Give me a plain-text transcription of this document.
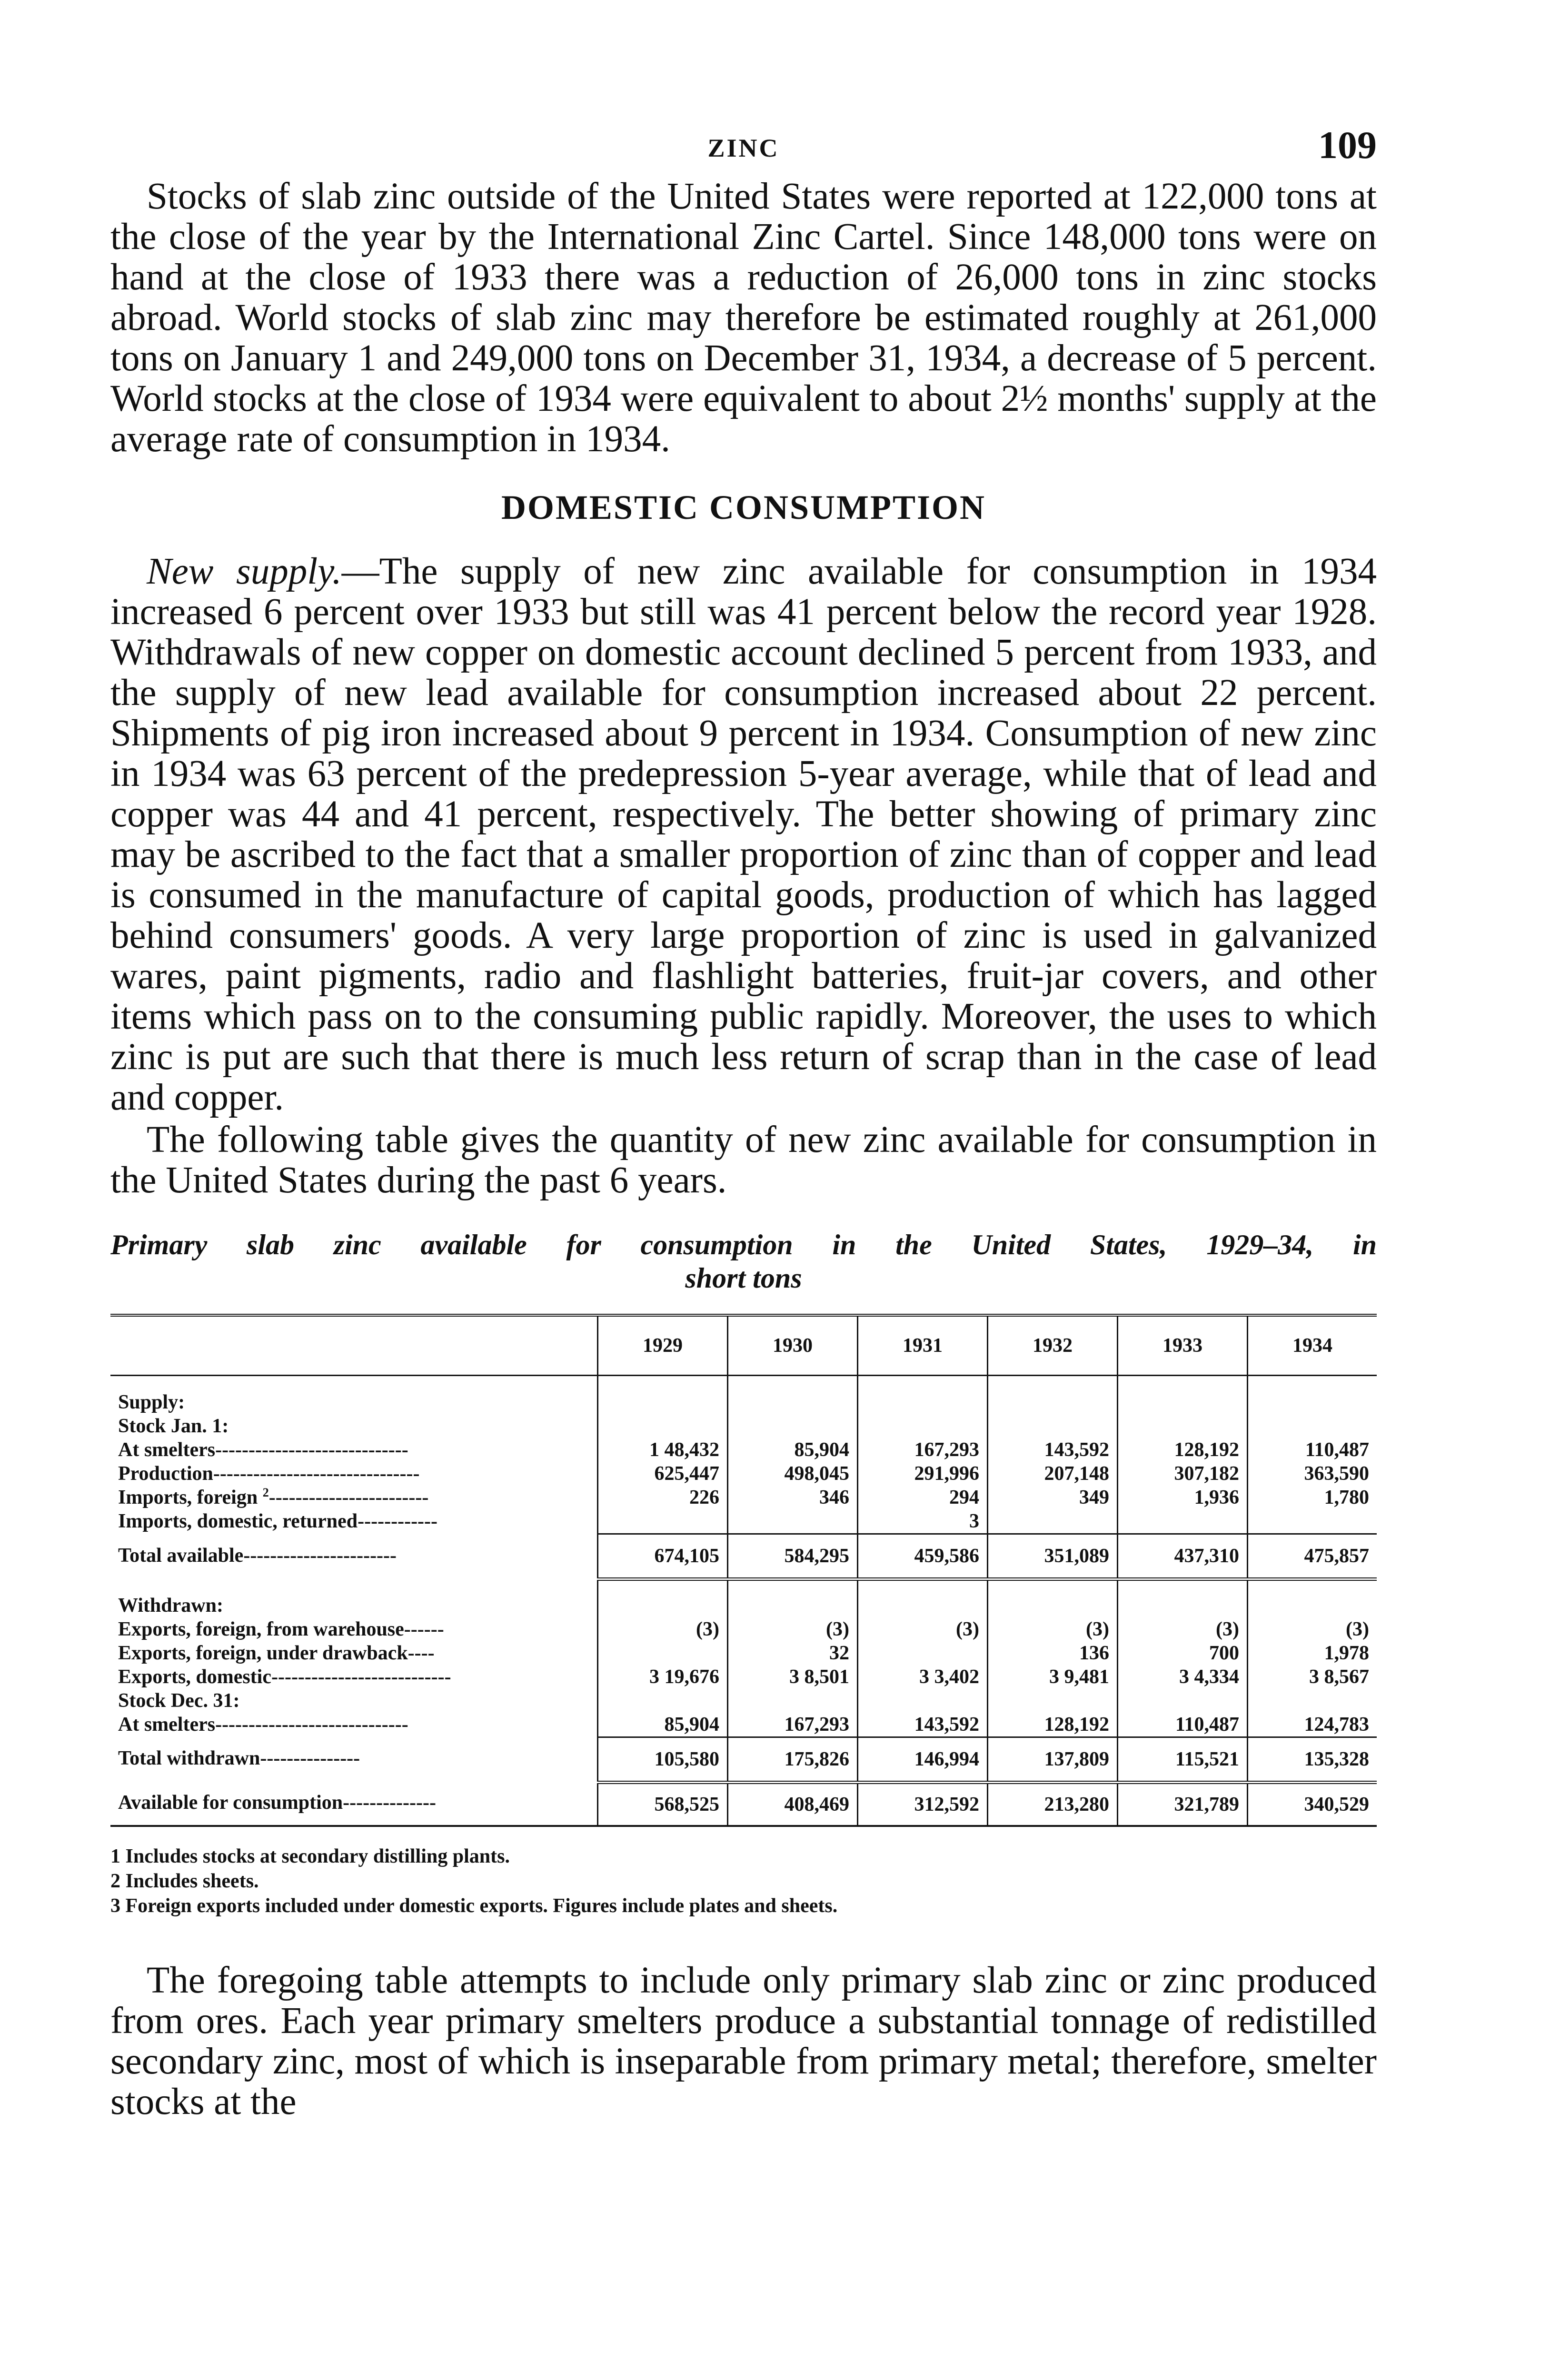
ZINC	109

Stocks of slab zinc outside of the United States were reported at 122,000 tons at the close of the year by the International Zinc Cartel. Since 148,000 tons were on hand at the close of 1933 there was a reduction of 26,000 tons in zinc stocks abroad. World stocks of slab zinc may therefore be estimated roughly at 261,000 tons on January 1 and 249,000 tons on December 31, 1934, a decrease of 5 percent. World stocks at the close of 1934 were equivalent to about 2½ months' supply at the average rate of consumption in 1934.

DOMESTIC CONSUMPTION

New supply.—The supply of new zinc available for consumption in 1934 increased 6 percent over 1933 but still was 41 percent below the record year 1928. Withdrawals of new copper on domestic account declined 5 percent from 1933, and the supply of new lead available for consumption increased about 22 percent. Shipments of pig iron increased about 9 percent in 1934. Consumption of new zinc in 1934 was 63 percent of the predepression 5-year average, while that of lead and copper was 44 and 41 percent, respectively. The better showing of primary zinc may be ascribed to the fact that a smaller proportion of zinc than of copper and lead is consumed in the manufacture of capital goods, production of which has lagged behind consumers' goods. A very large proportion of zinc is used in galvanized wares, paint pigments, radio and flashlight batteries, fruit-jar covers, and other items which pass on to the consuming public rapidly. Moreover, the uses to which zinc is put are such that there is much less return of scrap than in the case of lead and copper.

The following table gives the quantity of new zinc available for consumption in the United States during the past 6 years.

Primary slab zinc available for consumption in the United States, 1929–34, in
short tons
	1929	1930	1931	1932	1933	1934
Supply:						
Stock Jan. 1:						
At smelters-----------------------------	1 48,432	85,904	167,293	143,592	128,192	110,487
Production-------------------------------	625,447	498,045	291,996	207,148	307,182	363,590
Imports, foreign $^2$------------------------	226	346	294	349	1,936	1,780
Imports, domestic, returned------------			3			
Total available-----------------------	674,105	584,295	459,586	351,089	437,310	475,857
Withdrawn:						
Exports, foreign, from warehouse------	(3)	(3)	(3)	(3)	(3)	(3)
Exports, foreign, under drawback----		32		136	700	1,978
Exports, domestic---------------------------	3 19,676	3 8,501	3 3,402	3 9,481	3 4,334	3 8,567
Stock Dec. 31:						
At smelters-----------------------------	85,904	167,293	143,592	128,192	110,487	124,783
Total withdrawn---------------	105,580	175,826	146,994	137,809	115,521	135,328
Available for consumption--------------	568,525	408,469	312,592	213,280	321,789	340,529
1 Includes stocks at secondary distilling plants.
2 Includes sheets.
3 Foreign exports included under domestic exports. Figures include plates and sheets.

The foregoing table attempts to include only primary slab zinc or zinc produced from ores. Each year primary smelters produce a substantial tonnage of redistilled secondary zinc, most of which is inseparable from primary metal; therefore, smelter stocks at the
